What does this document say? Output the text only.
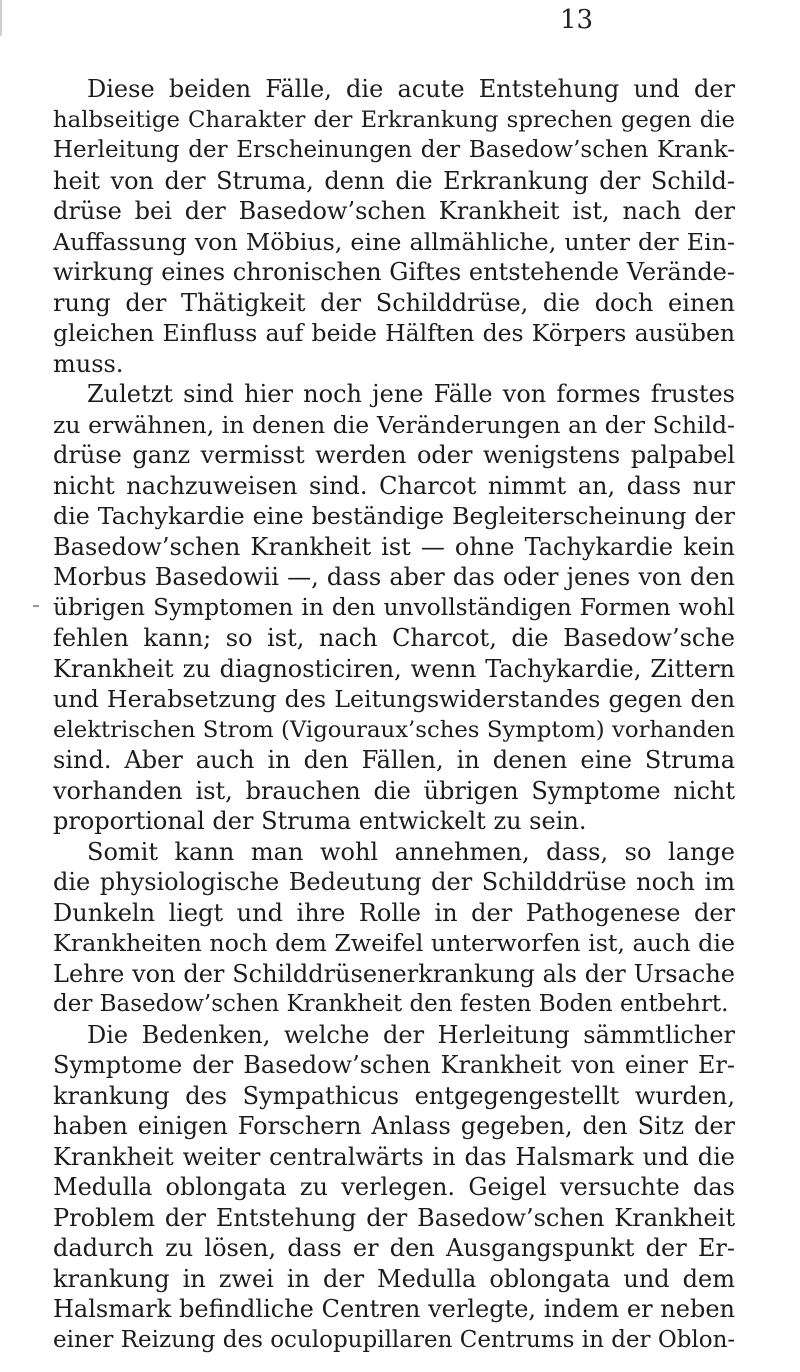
13
Diese beiden Fälle, die acute Entstehung und der
halbseitige Charakter der Erkrankung sprechen gegen die
Herleitung der Erscheinungen der Basedow’schen Krank-
heit von der Struma, denn die Erkrankung der Schild-
drüse bei der Basedow’schen Krankheit ist, nach der
Auffassung von Möbius, eine allmähliche, unter der Ein-
wirkung eines chronischen Giftes entstehende Verände-
rung der Thätigkeit der Schilddrüse, die doch einen
gleichen Einfluss auf beide Hälften des Körpers ausüben
muss.
Zuletzt sind hier noch jene Fälle von formes frustes
zu erwähnen, in denen die Veränderungen an der Schild-
drüse ganz vermisst werden oder wenigstens palpabel
nicht nachzuweisen sind. Charcot nimmt an, dass nur
die Tachykardie eine beständige Begleiterscheinung der
Basedow’schen Krankheit ist — ohne Tachykardie kein
Morbus Basedowii —, dass aber das oder jenes von den
übrigen Symptomen in den unvollständigen Formen wohl
fehlen kann; so ist, nach Charcot, die Basedow’sche
Krankheit zu diagnosticiren, wenn Tachykardie, Zittern
und Herabsetzung des Leitungswiderstandes gegen den
elektrischen Strom (Vigouraux’sches Symptom) vorhanden
sind. Aber auch in den Fällen, in denen eine Struma
vorhanden ist, brauchen die übrigen Symptome nicht
proportional der Struma entwickelt zu sein.
Somit kann man wohl annehmen, dass, so lange
die physiologische Bedeutung der Schilddrüse noch im
Dunkeln liegt und ihre Rolle in der Pathogenese der
Krankheiten noch dem Zweifel unterworfen ist, auch die
Lehre von der Schilddrüsenerkrankung als der Ursache
der Basedow’schen Krankheit den festen Boden entbehrt.
Die Bedenken, welche der Herleitung sämmtlicher
Symptome der Basedow’schen Krankheit von einer Er-
krankung des Sympathicus entgegengestellt wurden,
haben einigen Forschern Anlass gegeben, den Sitz der
Krankheit weiter centralwärts in das Halsmark und die
Medulla oblongata zu verlegen. Geigel versuchte das
Problem der Entstehung der Basedow’schen Krankheit
dadurch zu lösen, dass er den Ausgangspunkt der Er-
krankung in zwei in der Medulla oblongata und dem
Halsmark befindliche Centren verlegte, indem er neben
einer Reizung des oculopupillaren Centrums in der Oblon-
